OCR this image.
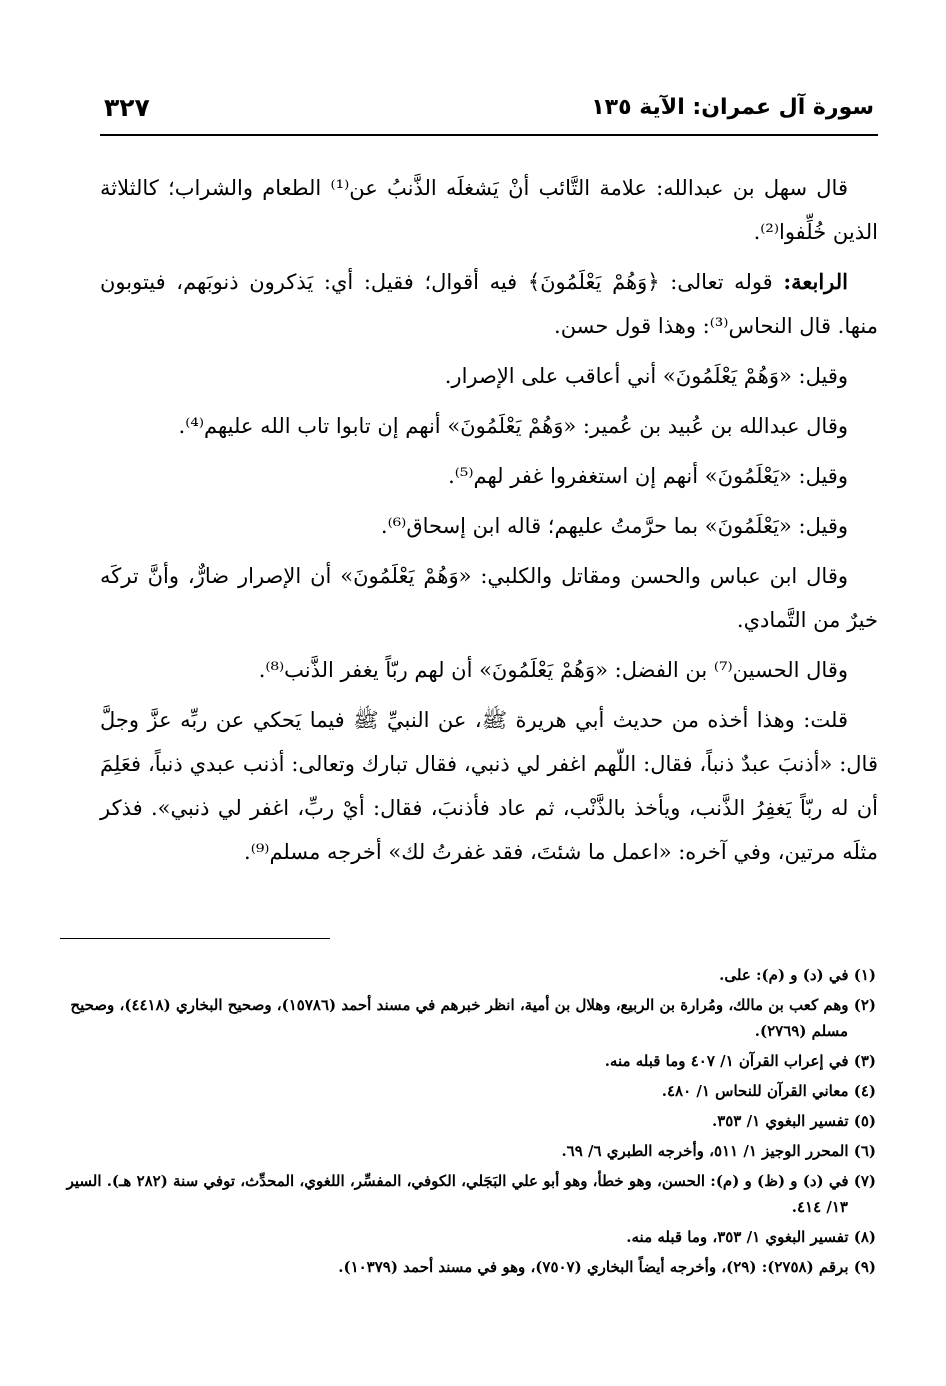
سورة آل عمران: الآية ١٣٥
٣٢٧

قال سهل بن عبدالله: علامة التَّائب أنْ يَشغلَه الذَّنبُ عن⁽¹⁾ الطعام والشراب؛ كالثلاثة الذين خُلِّفوا⁽²⁾.

الرابعة: قوله تعالى: ﴿وَهُمْ يَعْلَمُونَ﴾ فيه أقوال؛ فقيل: أي: يَذكرون ذنوبَهم، فيتوبون منها. قال النحاس⁽³⁾: وهذا قول حسن.

وقيل: «وَهُمْ يَعْلَمُونَ» أني أعاقب على الإصرار.

وقال عبدالله بن عُبيد بن عُمير: «وَهُمْ يَعْلَمُونَ» أنهم إن تابوا تاب الله عليهم⁽⁴⁾.

وقيل: «يَعْلَمُونَ» أنهم إن استغفروا غفر لهم⁽⁵⁾.

وقيل: «يَعْلَمُونَ» بما حرَّمتُ عليهم؛ قاله ابن إسحاق⁽⁶⁾.

وقال ابن عباس والحسن ومقاتل والكلبي: «وَهُمْ يَعْلَمُونَ» أن الإصرار ضارٌّ، وأنَّ تركَه خيرٌ من التَّمادي.

وقال الحسين⁽⁷⁾ بن الفضل: «وَهُمْ يَعْلَمُونَ» أن لهم ربّاً يغفر الذَّنب⁽⁸⁾.

قلت: وهذا أخذه من حديث أبي هريرة ﷺ، عن النبيِّ ﷺ فيما يَحكي عن ربِّه عزَّ وجلَّ قال: «أذنبَ عبدٌ ذنباً، فقال: اللّهم اغفر لي ذنبي، فقال تبارك وتعالى: أذنب عبدي ذنباً، فعَلِمَ أن له ربّاً يَغفِرُ الذَّنب، ويأخذ بالذَّنْب، ثم عاد فأذنبَ، فقال: أيْ ربِّ، اغفر لي ذنبي». فذكر مثلَه مرتين، وفي آخره: «اعمل ما شئتَ، فقد غفرتُ لك» أخرجه مسلم⁽⁹⁾.

(١) في (د) و (م): على.

(٢) وهم كعب بن مالك، ومُرارة بن الربيع، وهلال بن أمية، انظر خبرهم في مسند أحمد (١٥٧٨٦)، وصحيح البخاري (٤٤١٨)، وصحيح مسلم (٢٧٦٩).

(٣) في إعراب القرآن ١/ ٤٠٧ وما قبله منه.

(٤) معاني القرآن للنحاس ١/ ٤٨٠.

(٥) تفسير البغوي ١/ ٣٥٣.

(٦) المحرر الوجيز ١/ ٥١١، وأخرجه الطبري ٦/ ٦٩.

(٧) في (د) و (ظ) و (م): الحسن، وهو خطأ، وهو أبو علي البَجَلي، الكوفي، المفسِّر، اللغوي، المحدِّث، توفي سنة (٢٨٢ هـ). السير ١٣/ ٤١٤.

(٨) تفسير البغوي ١/ ٣٥٣، وما قبله منه.

(٩) برقم (٢٧٥٨): (٢٩)، وأخرجه أيضاً البخاري (٧٥٠٧)، وهو في مسند أحمد (١٠٣٧٩).
